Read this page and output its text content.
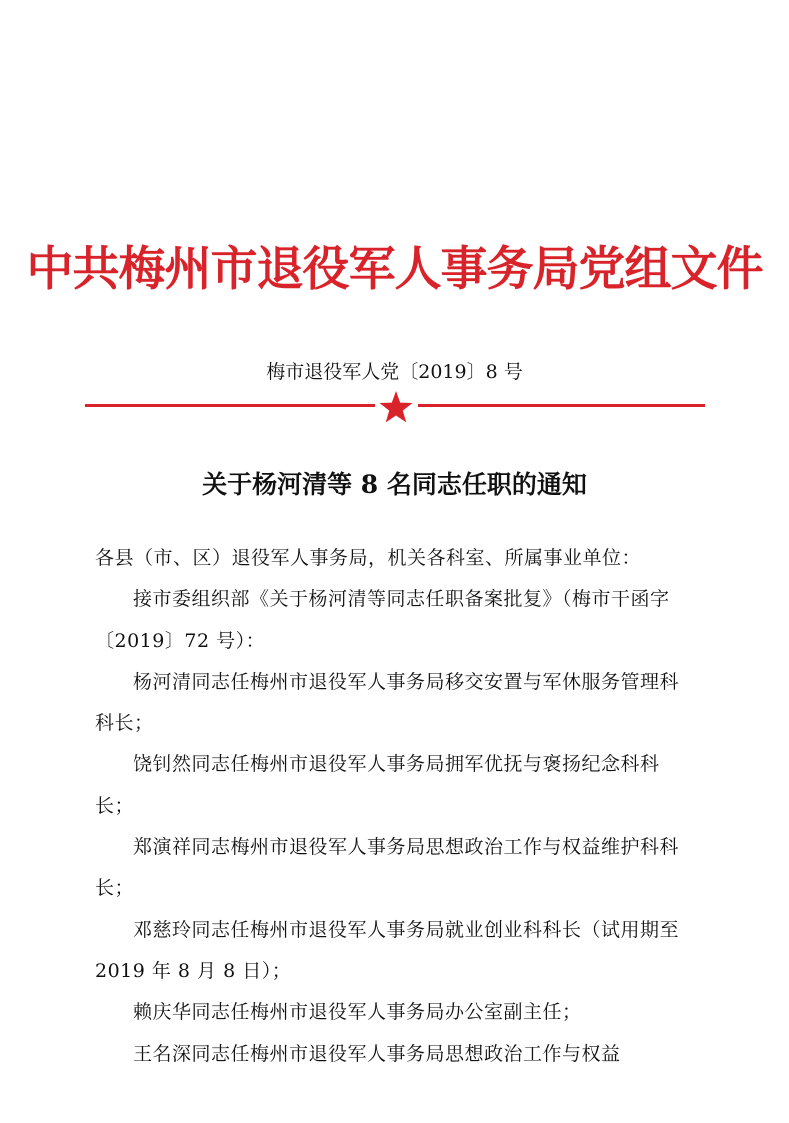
中共梅州市退役军人事务局党组文件
梅市退役军人党〔2019〕8 号
关于杨河清等 8 名同志任职的通知

各县（市、区）退役军人事务局，机关各科室、所属事业单位：

接市委组织部《关于杨河清等同志任职备案批复》（梅市干函字〔2019〕72 号）：

杨河清同志任梅州市退役军人事务局移交安置与军休服务管理科科长；

饶钊然同志任梅州市退役军人事务局拥军优抚与褒扬纪念科科长；

郑演祥同志梅州市退役军人事务局思想政治工作与权益维护科科长；

邓慈玲同志任梅州市退役军人事务局就业创业科科长（试用期至 2019 年 8 月 8 日）；

赖庆华同志任梅州市退役军人事务局办公室副主任；

王名深同志任梅州市退役军人事务局思想政治工作与权益
